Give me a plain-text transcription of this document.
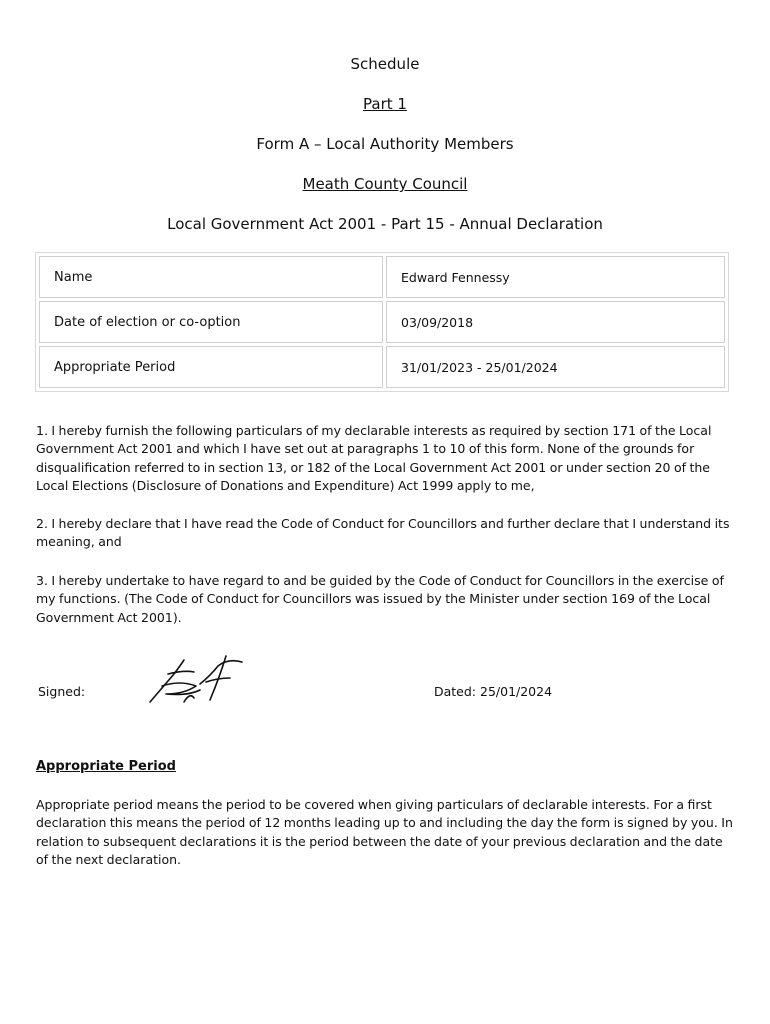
Schedule

Part 1

Form A – Local Authority Members

Meath County Council

Local Government Act 2001 - Part 15 - Annual Declaration

Name	Edward Fennessy
Date of election or co-option	03/09/2018
Appropriate Period	31/01/2023 - 25/01/2024

1. I hereby furnish the following particulars of my declarable interests as required by section 171 of the Local Government Act 2001 and which I have set out at paragraphs 1 to 10 of this form. None of the grounds for disqualification referred to in section 13, or 182 of the Local Government Act 2001 or under section 20 of the Local Elections (Disclosure of Donations and Expenditure) Act 1999 apply to me,

2. I hereby declare that I have read the Code of Conduct for Councillors and further declare that I understand its meaning, and

3. I hereby undertake to have regard to and be guided by the Code of Conduct for Councillors in the exercise of my functions. (The Code of Conduct for Councillors was issued by the Minister under section 169 of the Local Government Act 2001).

Signed:	Dated: 25/01/2024

Appropriate Period

Appropriate period means the period to be covered when giving particulars of declarable interests. For a first declaration this means the period of 12 months leading up to and including the day the form is signed by you. In relation to subsequent declarations it is the period between the date of your previous declaration and the date of the next declaration.
